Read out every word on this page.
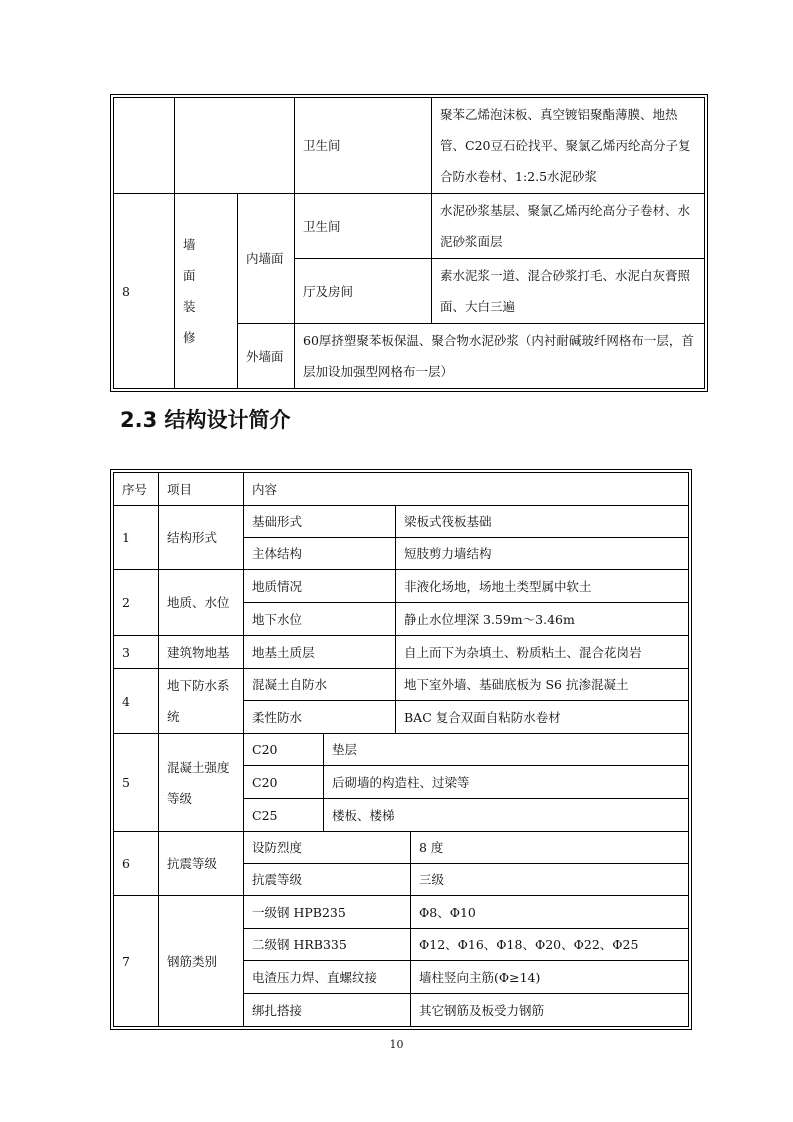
			卫生间	聚苯乙烯泡沫板、真空镀铝聚酯薄膜、地热管、C20豆石砼找平、聚氯乙烯丙纶高分子复合防水卷材、1:2.5水泥砂浆
8	墙面装修	内墙面	卫生间	水泥砂浆基层、聚氯乙烯丙纶高分子卷材、水泥砂浆面层
			厅及房间	素水泥浆一道、混合砂浆打毛、水泥白灰膏照面、大白三遍
		外墙面	60厚挤塑聚苯板保温、聚合物水泥砂浆（内衬耐碱玻纤网格布一层，首层加设加强型网格布一层）	
2.3 结构设计简介
序号	项目	内容			
1	结构形式	基础形式		梁板式筏板基础	
		主体结构		短肢剪力墙结构	
2	地质、水位	地质情况		非液化场地，场地土类型属中软土	
		地下水位		静止水位埋深 3.59m～3.46m	
3	建筑物地基	地基土质层		自上而下为杂填土、粉质粘土、混合花岗岩	
4	地下防水系统	混凝土自防水		地下室外墙、基础底板为 S6 抗渗混凝土	
		柔性防水		BAC 复合双面自粘防水卷材	
5	混凝土强度等级	C20	垫层		
		C20	后砌墙的构造柱、过梁等		
		C25	楼板、楼梯		
6	抗震等级	设防烈度			8 度
		抗震等级			三级
7	钢筋类别	一级钢 HPB235			Φ8、Φ10
		二级钢 HRB335			Φ12、Φ16、Φ18、Φ20、Φ22、Φ25
		电渣压力焊、直螺纹接			墙柱竖向主筋(Φ≥14)
		绑扎搭接			其它钢筋及板受力钢筋
10
